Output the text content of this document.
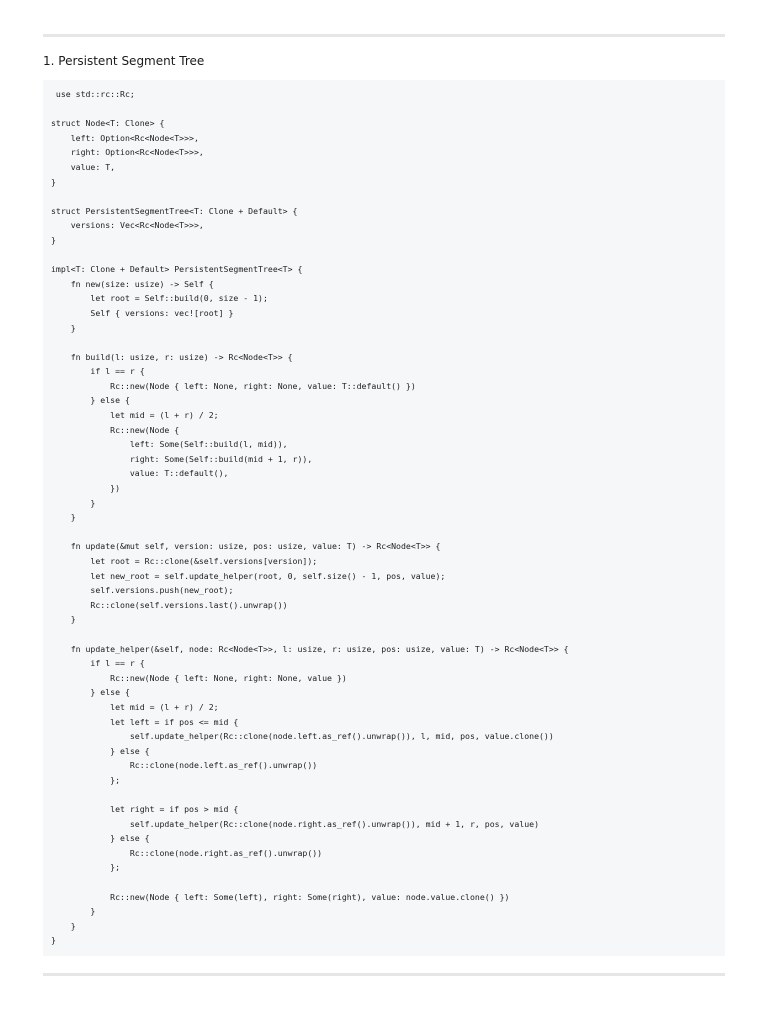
1. Persistent Segment Tree
use std::rc::Rc;
struct Node<T: Clone> {
left: Option<Rc<Node<T>>>,
right: Option<Rc<Node<T>>>,
value: T,
}
struct PersistentSegmentTree<T: Clone + Default> {
versions: Vec<Rc<Node<T>>>,
}
impl<T: Clone + Default> PersistentSegmentTree<T> {
fn new(size: usize) -> Self {
let root = Self::build(0, size - 1);
Self { versions: vec![root] }
}
fn build(l: usize, r: usize) -> Rc<Node<T>> {
if l == r {
Rc::new(Node { left: None, right: None, value: T::default() })
} else {
let mid = (l + r) / 2;
Rc::new(Node {
left: Some(Self::build(l, mid)),
right: Some(Self::build(mid + 1, r)),
value: T::default(),
})
}
}
fn update(&mut self, version: usize, pos: usize, value: T) -> Rc<Node<T>> {
let root = Rc::clone(&self.versions[version]);
let new_root = self.update_helper(root, 0, self.size() - 1, pos, value);
self.versions.push(new_root);
Rc::clone(self.versions.last().unwrap())
}
fn update_helper(&self, node: Rc<Node<T>>, l: usize, r: usize, pos: usize, value: T) -> Rc<Node<T>> {
if l == r {
Rc::new(Node { left: None, right: None, value })
} else {
let mid = (l + r) / 2;
let left = if pos <= mid {
self.update_helper(Rc::clone(node.left.as_ref().unwrap()), l, mid, pos, value.clone())
} else {
Rc::clone(node.left.as_ref().unwrap())
};
let right = if pos > mid {
self.update_helper(Rc::clone(node.right.as_ref().unwrap()), mid + 1, r, pos, value)
} else {
Rc::clone(node.right.as_ref().unwrap())
};
Rc::new(Node { left: Some(left), right: Some(right), value: node.value.clone() })
}
}
}
